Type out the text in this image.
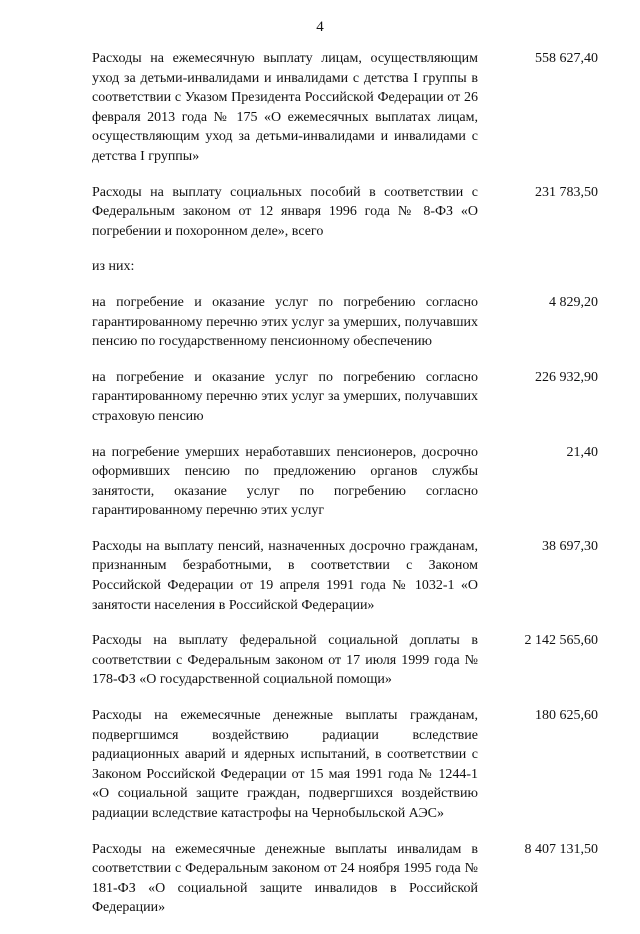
4
Расходы на ежемесячную выплату лицам, осуществляющим уход за детьми-инвалидами и инвалидами с детства I группы в соответствии с Указом Президента Российской Федерации от 26 февраля 2013 года № 175 «О ежемесячных выплатах лицам, осуществляющим уход за детьми-инвалидами и инвалидами с детства I группы»
558 627,40
Расходы на выплату социальных пособий в соответствии с Федеральным законом от 12 января 1996 года № 8-ФЗ «О погребении и похоронном деле», всего
231 783,50
из них:
на погребение и оказание услуг по погребению согласно гарантированному перечню этих услуг за умерших, получавших пенсию по государственному пенсионному обеспечению
4 829,20
на погребение и оказание услуг по погребению согласно гарантированному перечню этих услуг за умерших, получавших страховую пенсию
226 932,90
на погребение умерших неработавших пенсионеров, досрочно оформивших пенсию по предложению органов службы занятости, оказание услуг по погребению согласно гарантированному перечню этих услуг
21,40
Расходы на выплату пенсий, назначенных досрочно гражданам, признанным безработными, в соответствии с Законом Российской Федерации от 19 апреля 1991 года № 1032-1 «О занятости населения в Российской Федерации»
38 697,30
Расходы на выплату федеральной социальной доплаты в соответствии с Федеральным законом от 17 июля 1999 года № 178-ФЗ «О государственной социальной помощи»
2 142 565,60
Расходы на ежемесячные денежные выплаты гражданам, подвергшимся воздействию радиации вследствие радиационных аварий и ядерных испытаний, в соответствии с Законом Российской Федерации от 15 мая 1991 года № 1244-1 «О социальной защите граждан, подвергшихся воздействию радиации вследствие катастрофы на Чернобыльской АЭС»
180 625,60
Расходы на ежемесячные денежные выплаты инвалидам в соответствии с Федеральным законом от 24 ноября 1995 года № 181-ФЗ «О социальной защите инвалидов в Российской Федерации»
8 407 131,50
